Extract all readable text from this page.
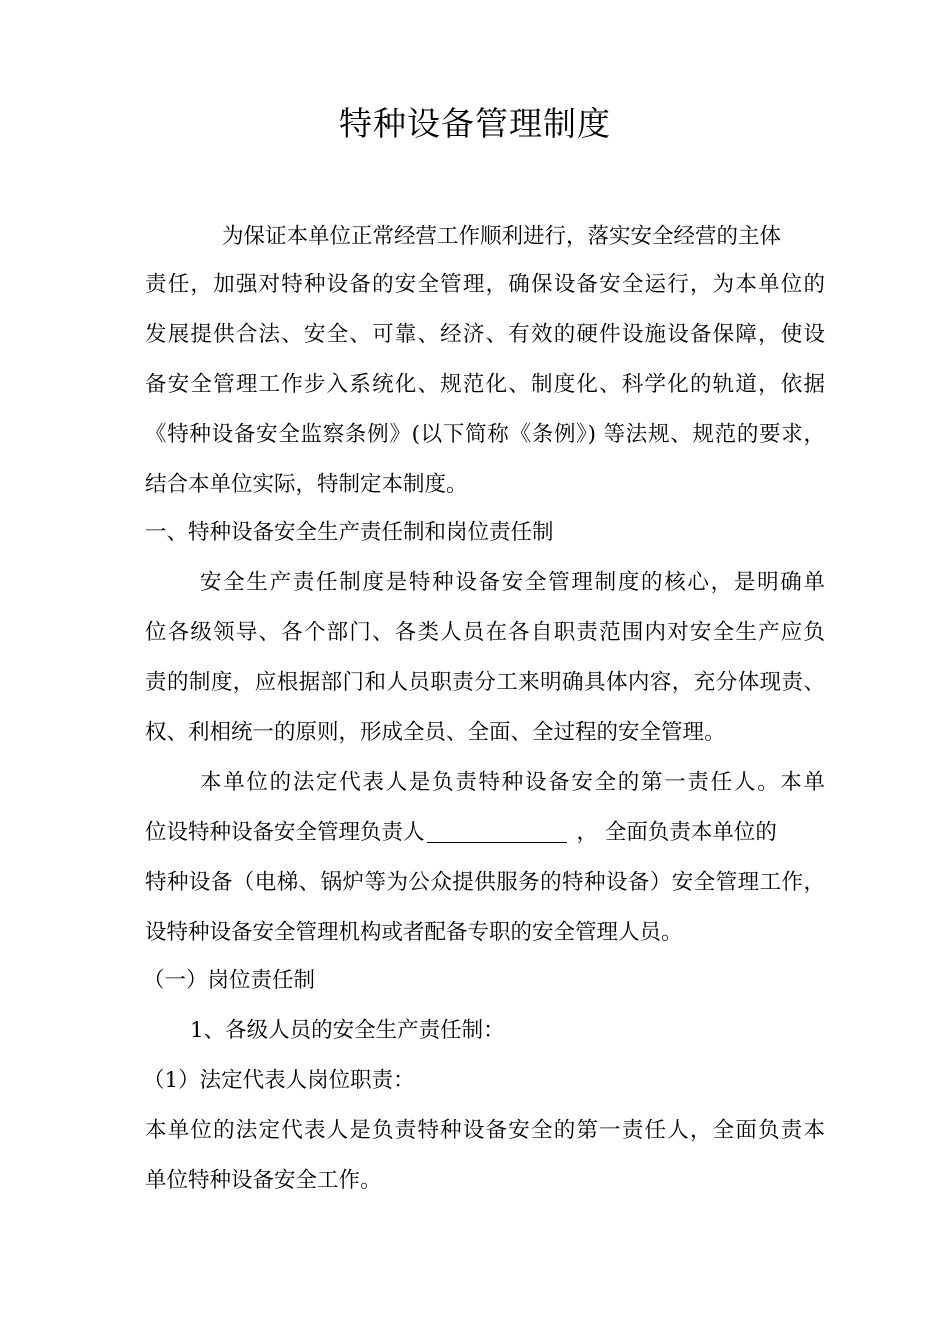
特种设备管理制度
为保证本单位正常经营工作顺利进行，落实安全经营的主体
责任，加强对特种设备的安全管理，确保设备安全运行，为本单位的
发展提供合法、安全、可靠、经济、有效的硬件设施设备保障，使设
备安全管理工作步入系统化、规范化、制度化、科学化的轨道，依据
《特种设备安全监察条例》(以下简称《条例》) 等法规、规范的要求，
结合本单位实际，特制定本制度。
一、特种设备安全生产责任制和岗位责任制
安全生产责任制度是特种设备安全管理制度的核心，是明确单
位各级领导、各个部门、各类人员在各自职责范围内对安全生产应负
责的制度，应根据部门和人员职责分工来明确具体内容，充分体现责、
权、利相统一的原则，形成全员、全面、全过程的安全管理。
本单位的法定代表人是负责特种设备安全的第一责任人。本单
位设特种设备安全管理负责人	， 全面负责本单位的
特种设备（电梯、锅炉等为公众提供服务的特种设备）安全管理工作，
设特种设备安全管理机构或者配备专职的安全管理人员。
（一）岗位责任制
1、各级人员的安全生产责任制：
（1）法定代表人岗位职责：
本单位的法定代表人是负责特种设备安全的第一责任人，全面负责本
单位特种设备安全工作。
